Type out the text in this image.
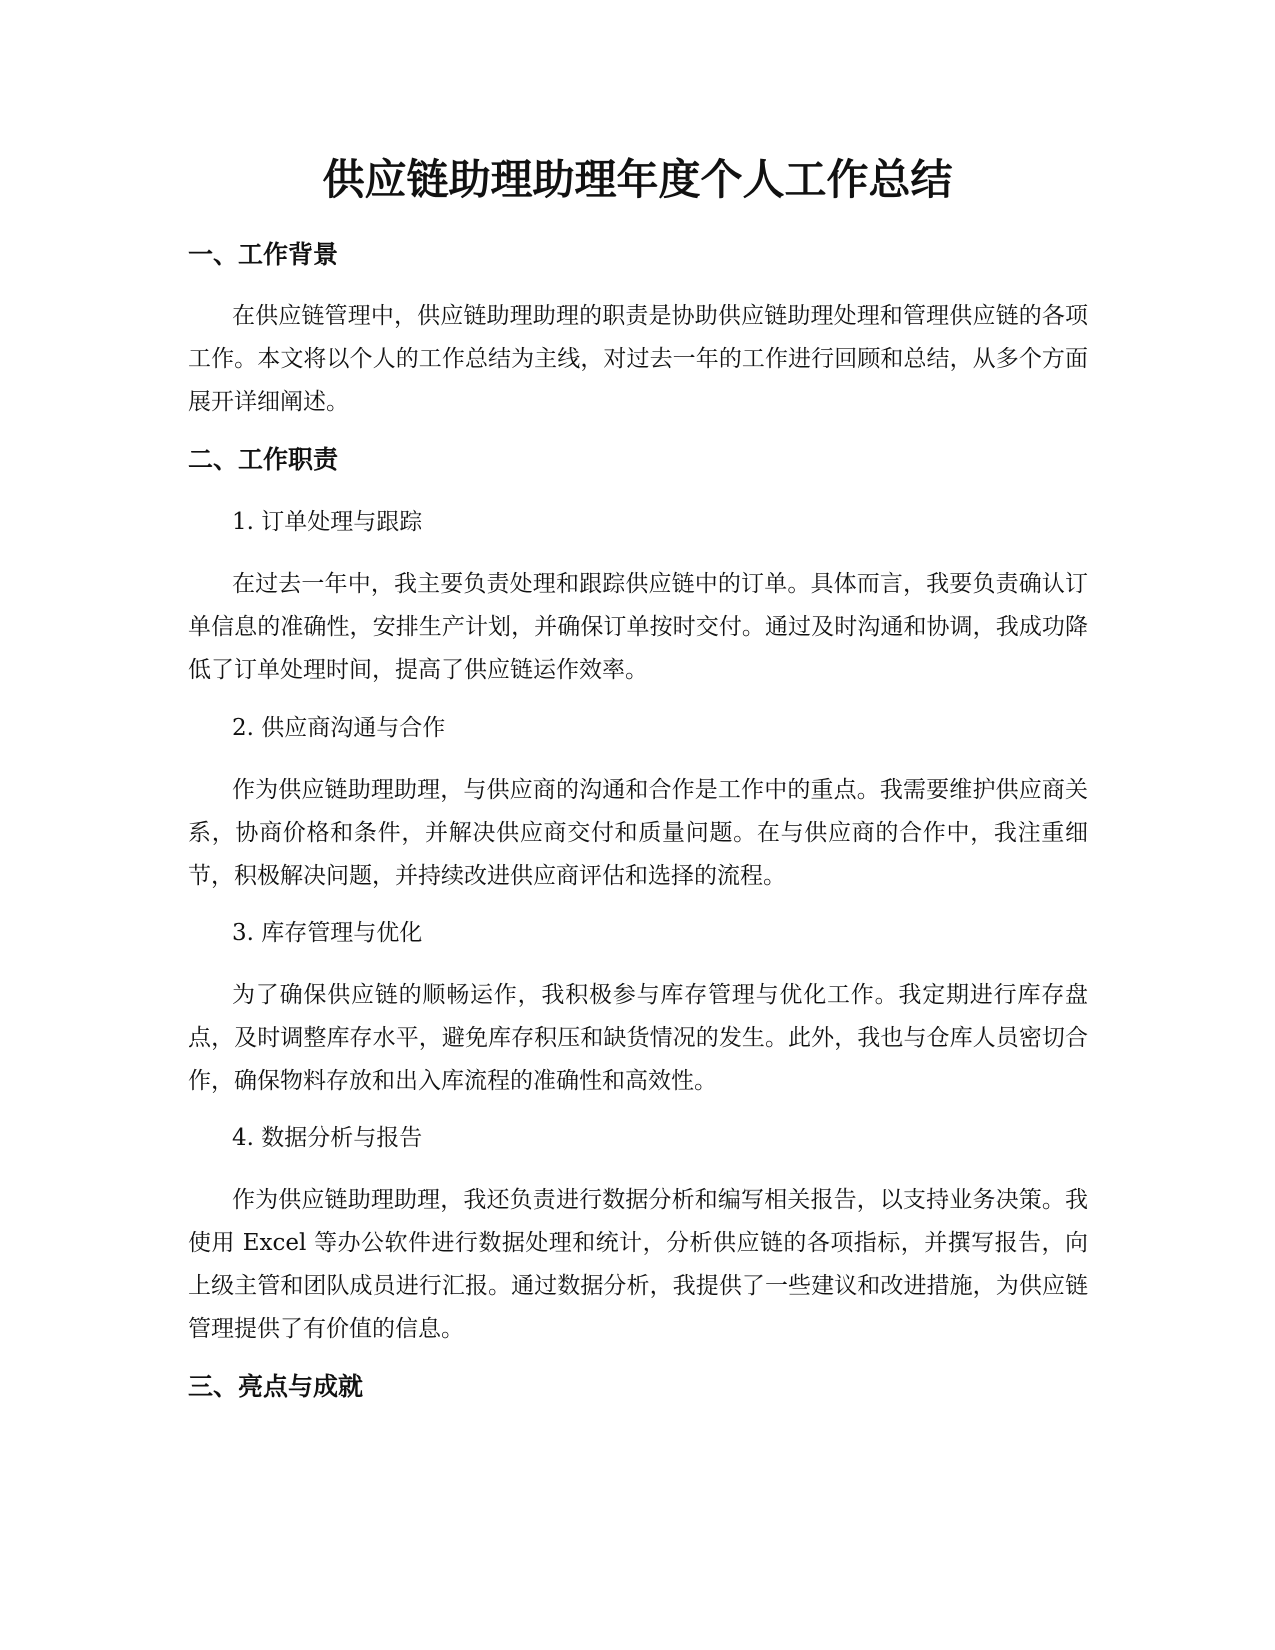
供应链助理助理年度个人工作总结
一、工作背景

在供应链管理中，供应链助理助理的职责是协助供应链助理处理和管理供应链的各项工作。本文将以个人的工作总结为主线，对过去一年的工作进行回顾和总结，从多个方面展开详细阐述。

二、工作职责

1. 订单处理与跟踪

在过去一年中，我主要负责处理和跟踪供应链中的订单。具体而言，我要负责确认订单信息的准确性，安排生产计划，并确保订单按时交付。通过及时沟通和协调，我成功降低了订单处理时间，提高了供应链运作效率。

2. 供应商沟通与合作

作为供应链助理助理，与供应商的沟通和合作是工作中的重点。我需要维护供应商关系，协商价格和条件，并解决供应商交付和质量问题。在与供应商的合作中，我注重细节，积极解决问题，并持续改进供应商评估和选择的流程。

3. 库存管理与优化

为了确保供应链的顺畅运作，我积极参与库存管理与优化工作。我定期进行库存盘点，及时调整库存水平，避免库存积压和缺货情况的发生。此外，我也与仓库人员密切合作，确保物料存放和出入库流程的准确性和高效性。

4. 数据分析与报告

作为供应链助理助理，我还负责进行数据分析和编写相关报告，以支持业务决策。我使用 Excel 等办公软件进行数据处理和统计，分析供应链的各项指标，并撰写报告，向上级主管和团队成员进行汇报。通过数据分析，我提供了一些建议和改进措施，为供应链管理提供了有价值的信息。

三、亮点与成就
